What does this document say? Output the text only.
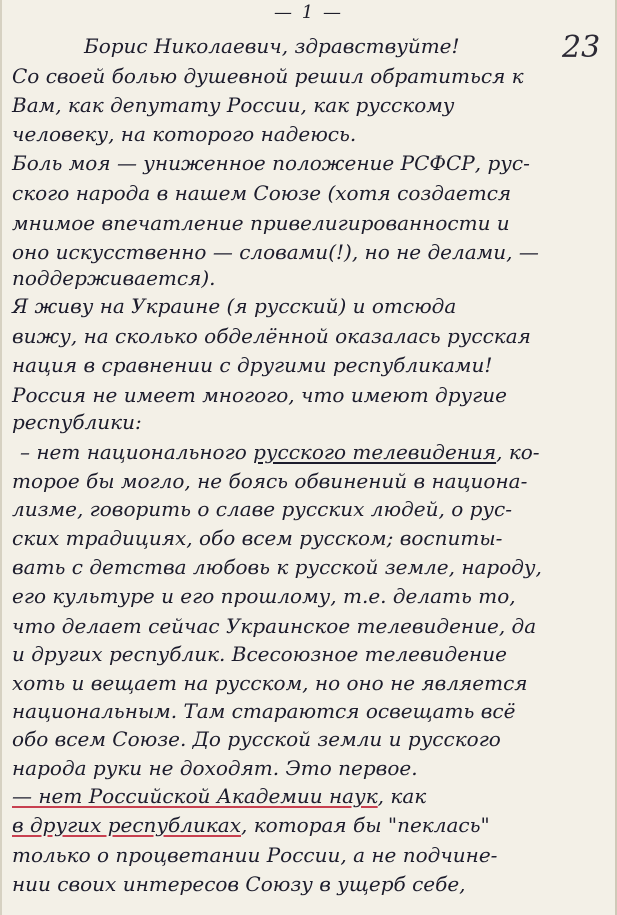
— 1 —
23
Борис Николаевич, здравствуйте!
Со своей болью душевной решил обратиться к
Вам, как депутату России, как русскому
человеку, на которого надеюсь.
Боль моя — униженное положение РСФСР, рус-
ского народа в нашем Союзе (хотя создается
мнимое впечатление привелигированности и
оно искусственно — словами(!), но не делами, —
поддерживается).
Я живу на Украине (я русский) и отсюда
вижу, на сколько обделённой оказалась русская
нация в сравнении с другими республиками!
Россия не имеет многого, что имеют другие
республики:
– нет национального русского телевидения, ко-
торое бы могло, не боясь обвинений в национа-
лизме, говорить о славе русских людей, о рус-
ских традициях, обо всем русском; воспиты-
вать с детства любовь к русской земле, народу,
его культуре и его прошлому, т.е. делать то,
что делает сейчас Украинское телевидение, да
и других республик. Всесоюзное телевидение
хоть и вещает на русском, но оно не является
национальным. Там стараются освещать всё
обо всем Союзе. До русской земли и русского
народа руки не доходят. Это первое.
— нет Российской Академии наук, как
в других республиках, которая бы "пеклась"
только о процветании России, а не подчине-
нии своих интересов Союзу в ущерб себе,
